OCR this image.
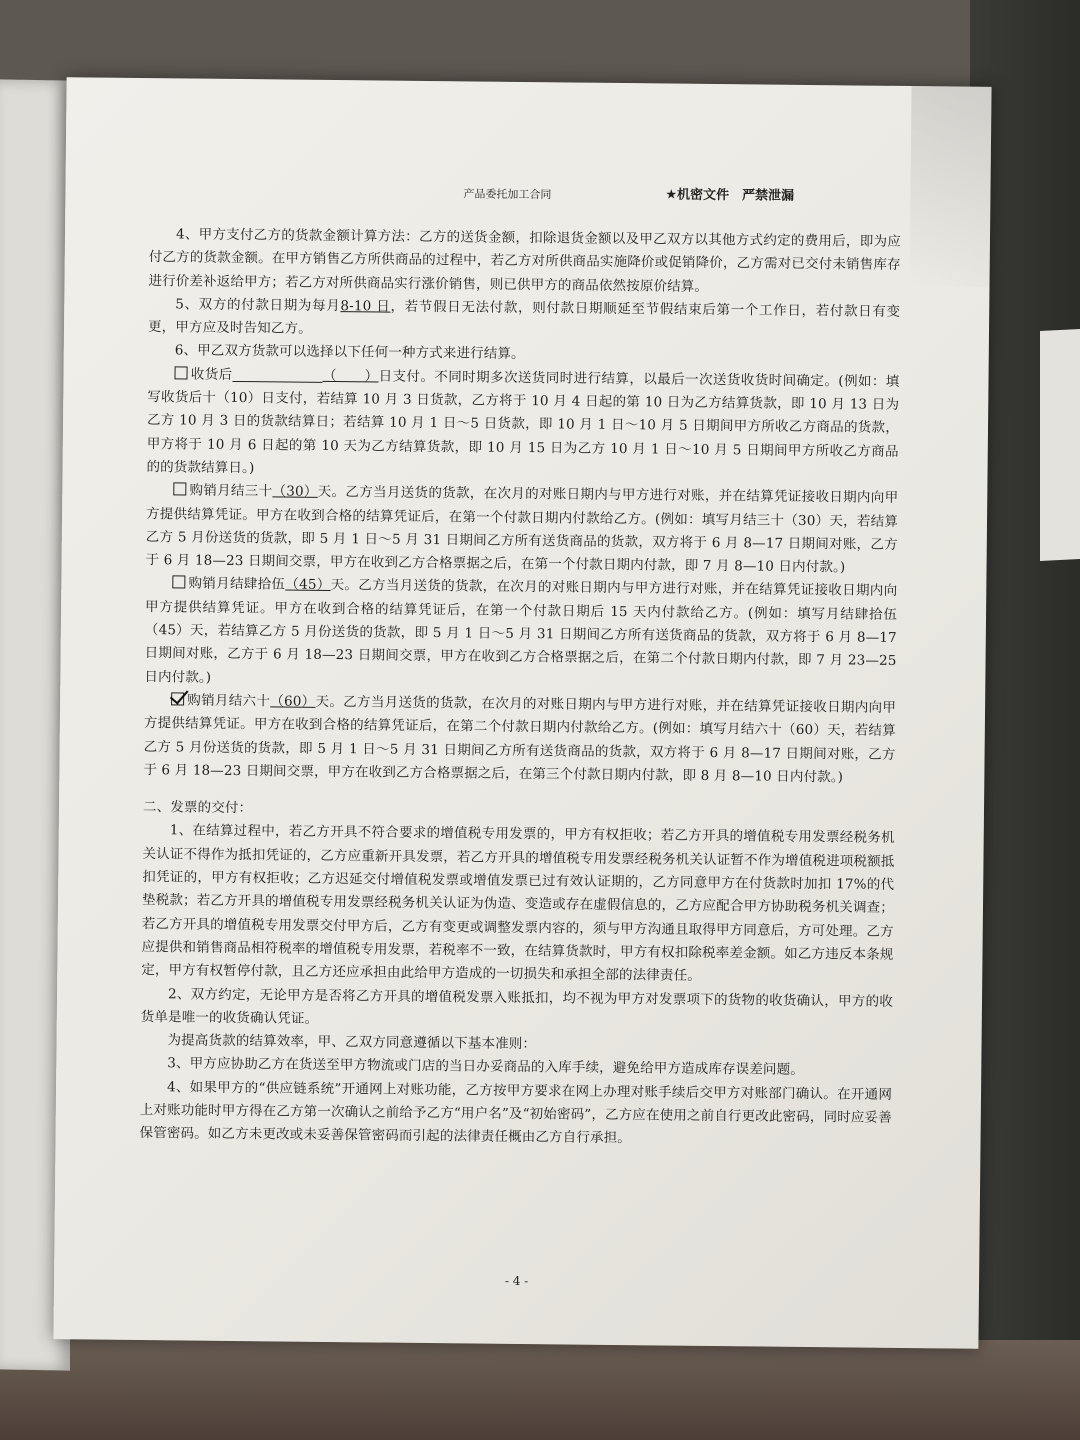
产品委托加工合同	★机密文件　严禁泄漏

4、甲方支付乙方的货款金额计算方法：乙方的送货金额，扣除退货金额以及甲乙双方以其他方式约定的费用后，即为应付乙方的货款金额。在甲方销售乙方所供商品的过程中，若乙方对所供商品实施降价或促销降价，乙方需对已交付未销售库存进行价差补返给甲方；若乙方对所供商品实行涨价销售，则已供甲方的商品依然按原价结算。

5、双方的付款日期为每月8-10 日，若节假日无法付款，则付款日期顺延至节假结束后第一个工作日，若付款日有变更，甲方应及时告知乙方。

6、甲乙双方货款可以选择以下任何一种方式来进行结算。

收货后	（　　）日支付。不同时期多次送货同时进行结算，以最后一次送货收货时间确定。(例如：填写收货后十（10）日支付，若结算 10 月 3 日货款，乙方将于 10 月 4 日起的第 10 日为乙方结算货款，即 10 月 13 日为乙方 10 月 3 日的货款结算日；若结算 10 月 1 日～5 日货款，即 10 月 1 日～10 月 5 日期间甲方所收乙方商品的货款，甲方将于 10 月 6 日起的第 10 天为乙方结算货款，即 10 月 15 日为乙方 10 月 1 日～10 月 5 日期间甲方所收乙方商品的的货款结算日。)

购销月结三十（30）天。乙方当月送货的货款，在次月的对账日期内与甲方进行对账，并在结算凭证接收日期内向甲方提供结算凭证。甲方在收到合格的结算凭证后，在第一个付款日期内付款给乙方。(例如：填写月结三十（30）天，若结算乙方 5 月份送货的货款，即 5 月 1 日～5 月 31 日期间乙方所有送货商品的货款，双方将于 6 月 8—17 日期间对账，乙方于 6 月 18—23 日期间交票，甲方在收到乙方合格票据之后，在第一个付款日期内付款，即 7 月 8—10 日内付款。)

购销月结肆拾伍（45）天。乙方当月送货的货款，在次月的对账日期内与甲方进行对账，并在结算凭证接收日期内向甲方提供结算凭证。甲方在收到合格的结算凭证后，在第一个付款日期后 15 天内付款给乙方。(例如：填写月结肆拾伍（45）天，若结算乙方 5 月份送货的货款，即 5 月 1 日～5 月 31 日期间乙方所有送货商品的货款，双方将于 6 月 8—17 日期间对账，乙方于 6 月 18—23 日期间交票，甲方在收到乙方合格票据之后，在第二个付款日期内付款，即 7 月 23—25 日内付款。)

购销月结六十（60）天。乙方当月送货的货款，在次月的对账日期内与甲方进行对账，并在结算凭证接收日期内向甲方提供结算凭证。甲方在收到合格的结算凭证后，在第二个付款日期内付款给乙方。(例如：填写月结六十（60）天，若结算乙方 5 月份送货的货款，即 5 月 1 日～5 月 31 日期间乙方所有送货商品的货款，双方将于 6 月 8—17 日期间对账，乙方于 6 月 18—23 日期间交票，甲方在收到乙方合格票据之后，在第三个付款日期内付款，即 8 月 8—10 日内付款。)

二、发票的交付：

1、在结算过程中，若乙方开具不符合要求的增值税专用发票的，甲方有权拒收；若乙方开具的增值税专用发票经税务机关认证不得作为抵扣凭证的，乙方应重新开具发票，若乙方开具的增值税专用发票经税务机关认证暂不作为增值税进项税额抵扣凭证的，甲方有权拒收；乙方迟延交付增值税发票或增值发票已过有效认证期的，乙方同意甲方在付货款时加扣 17%的代垫税款；若乙方开具的增值税专用发票经税务机关认证为伪造、变造或存在虚假信息的，乙方应配合甲方协助税务机关调查；若乙方开具的增值税专用发票交付甲方后，乙方有变更或调整发票内容的，须与甲方沟通且取得甲方同意后，方可处理。乙方应提供和销售商品相符税率的增值税专用发票，若税率不一致，在结算货款时，甲方有权扣除税率差金额。如乙方违反本条规定，甲方有权暂停付款，且乙方还应承担由此给甲方造成的一切损失和承担全部的法律责任。

2、双方约定，无论甲方是否将乙方开具的增值税发票入账抵扣，均不视为甲方对发票项下的货物的收货确认，甲方的收货单是唯一的收货确认凭证。

为提高货款的结算效率，甲、乙双方同意遵循以下基本准则：

3、甲方应协助乙方在货送至甲方物流或门店的当日办妥商品的入库手续，避免给甲方造成库存误差问题。

4、如果甲方的“供应链系统”开通网上对账功能，乙方按甲方要求在网上办理对账手续后交甲方对账部门确认。在开通网上对账功能时甲方得在乙方第一次确认之前给予乙方“用户名”及“初始密码”，乙方应在使用之前自行更改此密码，同时应妥善保管密码。如乙方未更改或未妥善保管密码而引起的法律责任概由乙方自行承担。

- 4 -
